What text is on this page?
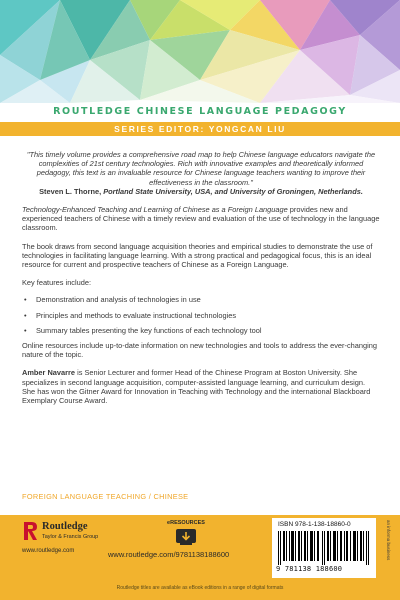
ROUTLEDGE CHINESE LANGUAGE PEDAGOGY
SERIES EDITOR: YONGCAN LIU

"This timely volume provides a comprehensive road map to help Chinese language educators navigate the complexities of 21st century technologies. Rich with innovative examples and theoretically informed pedagogy, this text is an invaluable resource for Chinese language teachers wanting to improve their effectiveness in the classroom."

Steven L. Thorne, Portland State University, USA, and University of Groningen, Netherlands.

Technology-Enhanced Teaching and Learning of Chinese as a Foreign Language provides new and experienced teachers of Chinese with a timely review and evaluation of the use of technology in the language classroom.

The book draws from second language acquisition theories and empirical studies to demonstrate the use of technologies in facilitating language learning. With a strong practical and pedagogical focus, this is an ideal resource for current and prospective teachers of Chinese as a Foreign Language.

Key features include:

• Demonstration and analysis of technologies in use
• Principles and methods to evaluate instructional technologies
• Summary tables presenting the key functions of each technology tool

Online resources include up-to-date information on new technologies and tools to address the ever-changing nature of the topic.

Amber Navarre is Senior Lecturer and former Head of the Chinese Program at Boston University. She specializes in second language acquisition, computer-assisted language learning, and curriculum design. She has won the Gitner Award for Innovation in Teaching with Technology and the international Blackboard Exemplary Course Award.

FOREIGN LANGUAGE TEACHING / CHINESE
Routledge
Taylor & Francis Group
www.routledge.com
eRESOURCES
www.routledge.com/9781138188600
ISBN 978-1-138-18860-0
9 781138 188600
an informa business
Routledge titles are available as eBook editions in a range of digital formats
